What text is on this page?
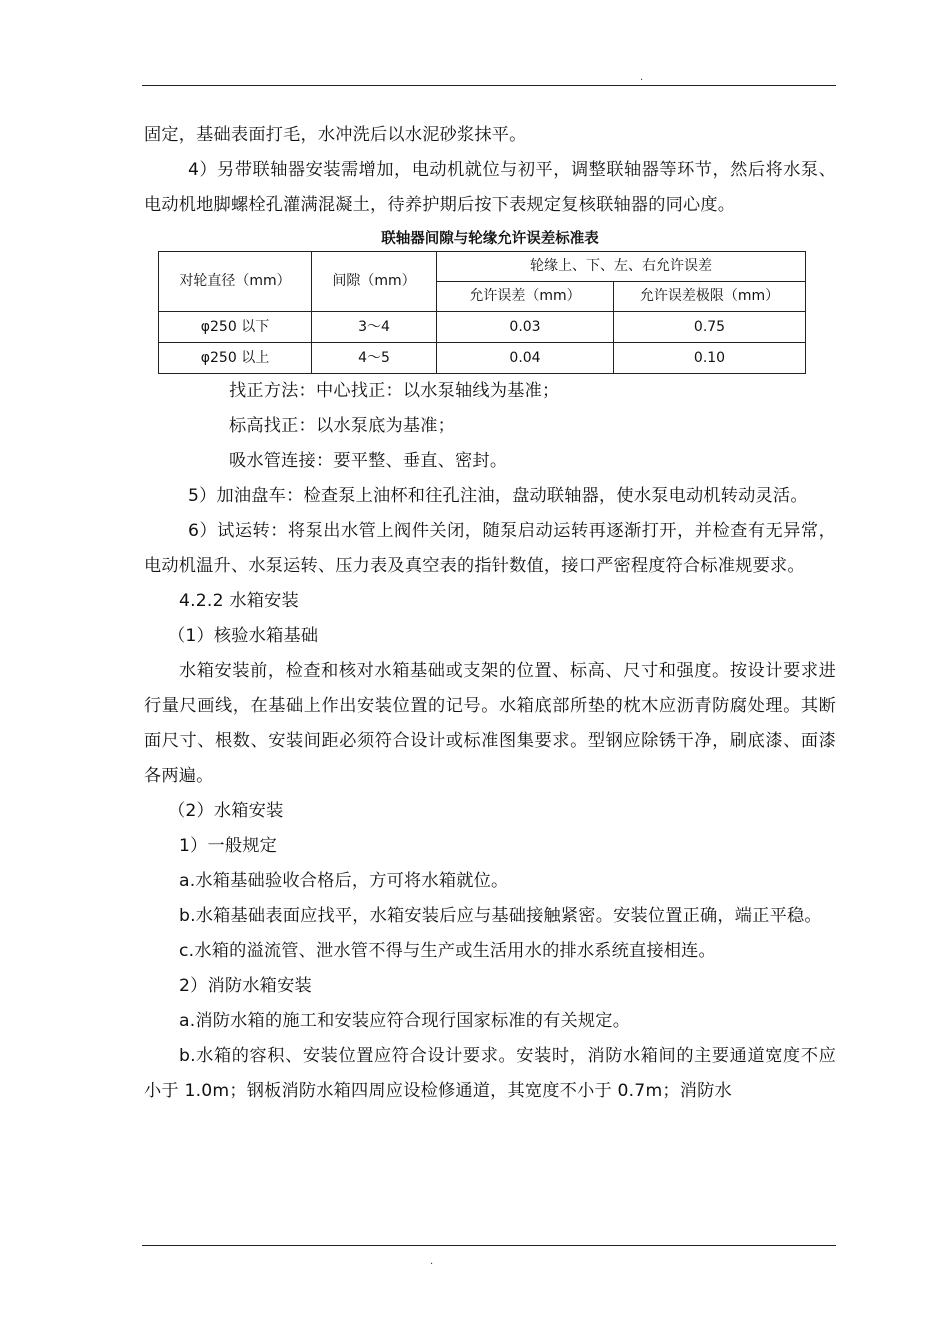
.

固定，基础表面打毛，水冲洗后以水泥砂浆抹平。

4）另带联轴器安装需增加，电动机就位与初平，调整联轴器等环节，然后将水泵、电动机地脚螺栓孔灌满混凝土，待养护期后按下表规定复核联轴器的同心度。

联轴器间隙与轮缘允许误差标准表

对轮直径（mm）	间隙（mm）	轮缘上、下、左、右允许误差	
		允许误差（mm）	允许误差极限（mm）
φ250 以下	3～4	0.03	0.75
φ250 以上	4～5	0.04	0.10

找正方法：中心找正：以水泵轴线为基准；

标高找正：以水泵底为基准；

吸水管连接：要平整、垂直、密封。

5）加油盘车：检查泵上油杯和往孔注油，盘动联轴器，使水泵电动机转动灵活。

6）试运转：将泵出水管上阀件关闭，随泵启动运转再逐渐打开，并检查有无异常，电动机温升、水泵运转、压力表及真空表的指针数值，接口严密程度符合标准规要求。

4.2.2 水箱安装

（1）核验水箱基础

水箱安装前，检查和核对水箱基础或支架的位置、标高、尺寸和强度。按设计要求进行量尺画线，在基础上作出安装位置的记号。水箱底部所垫的枕木应沥青防腐处理。其断面尺寸、根数、安装间距必须符合设计或标准图集要求。型钢应除锈干净，刷底漆、面漆各两遍。

（2）水箱安装

1）一般规定

a.水箱基础验收合格后，方可将水箱就位。

b.水箱基础表面应找平，水箱安装后应与基础接触紧密。安装位置正确，端正平稳。

c.水箱的溢流管、泄水管不得与生产或生活用水的排水系统直接相连。

2）消防水箱安装

a.消防水箱的施工和安装应符合现行国家标准的有关规定。

b.水箱的容积、安装位置应符合设计要求。安装时，消防水箱间的主要通道宽度不应小于 1.0m；钢板消防水箱四周应设检修通道，其宽度不小于 0.7m；消防水

.
